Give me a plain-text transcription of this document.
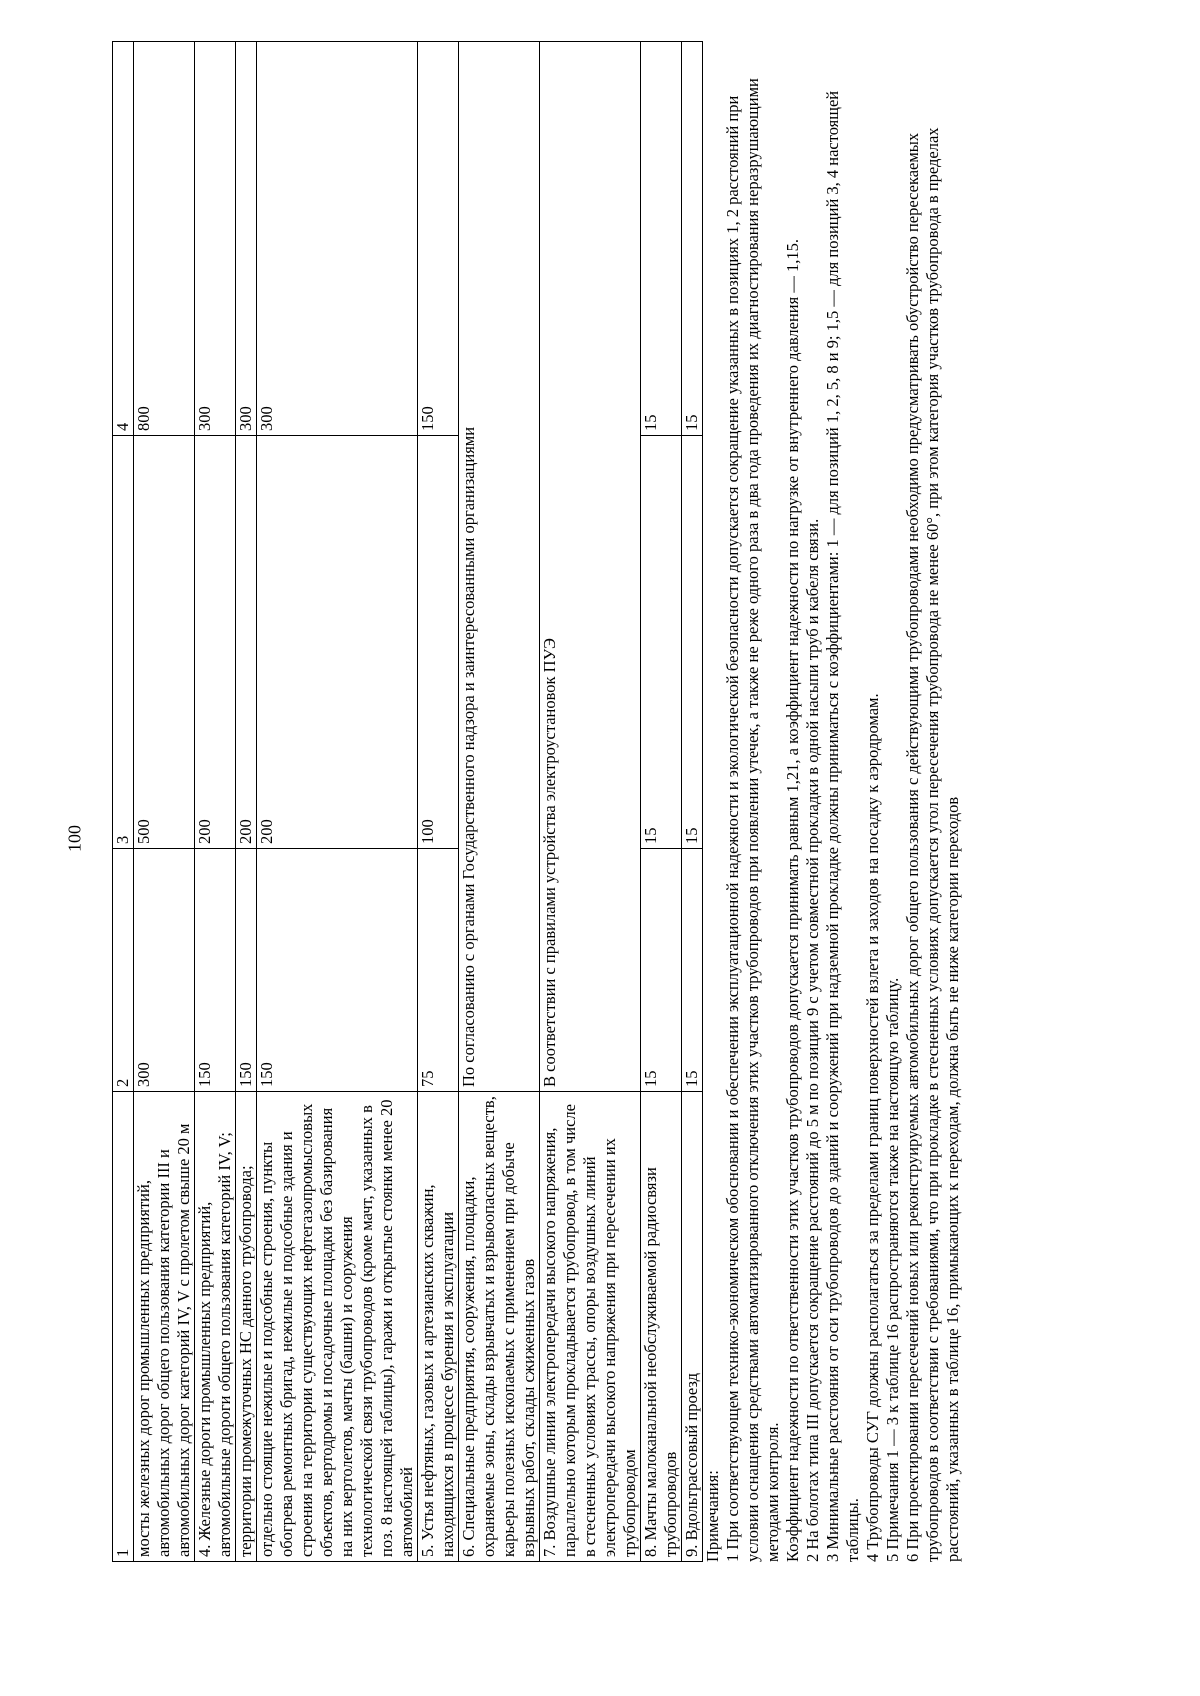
100
1	2	3	4
мосты железных дорог промышленных предприятий, автомобильных дорог общего пользования категории III и автомобильных дорог категорий IV, V с пролетом свыше 20 м	300	500	800
4. Железные дороги промышленных предприятий, автомобильные дороги общего пользования категорий IV, V;	150	200	300
территории промежуточных НС данного трубопровода;	150	200	300
отдельно стоящие нежилые и подсобные строения, пункты обогрева ремонтных бригад, нежилые и подсобные здания и строения на территории существующих нефтегазопромысловых объектов, вертодромы и посадочные площадки без базирования на них вертолетов, мачты (башни) и сооружения технологической связи трубопроводов (кроме мачт, указанных в поз. 8 настоящей таблицы), гаражи и открытые стоянки менее 20 автомобилей	150	200	300
5. Устья нефтяных, газовых и артезианских скважин, находящихся в процессе бурения и эксплуатации	75	100	150
6. Специальные предприятия, сооружения, площадки, охраняемые зоны, склады взрывчатых и взрывоопасных веществ, карьеры полезных ископаемых с применением при добыче взрывных работ, склады сжиженных газов	По согласованию с органами Государственного надзора и заинтересованными организациями		
7. Воздушные линии электропередачи высокого напряжения, параллельно которым прокладывается трубопровод, в том числе в стесненных условиях трассы, опоры воздушных линий электропередачи высокого напряжения при пересечении их трубопроводом	В соответствии с правилами устройства электроустановок ПУЭ		
8. Мачты малоканальной необслуживаемой радиосвязи трубопроводов	15	15	15
9. Вдольтрассовый проезд	15	15	15

Примечания: 1 При соответствующем технико-экономическом обосновании и обеспечении эксплуатационной надежности и экологической безопасности допускается сокращение указанных в позициях 1, 2 расстояний при условии оснащения средствами автоматизированного отключения этих участков трубопроводов при появлении утечек, а также не реже одного раза в два года проведения их диагностирования неразрушающими методами контроля. Коэффициент надежности по ответственности этих участков трубопроводов допускается принимать равным 1,21, а коэффициент надежности по нагрузке от внутреннего давления — 1,15. 2 На болотах типа III допускается сокращение расстояний до 5 м по позиции 9 с учетом совместной прокладки в одной насыпи труб и кабеля связи. 3 Минимальные расстояния от оси трубопроводов до зданий и сооружений при надземной прокладке должны приниматься с коэффициентами: 1 — для позиций 1, 2, 5, 8 и 9; 1,5 — для позиций 3, 4 настоящей таблицы. 4 Трубопроводы СУГ должны располагаться за пределами границ поверхностей взлета и заходов на посадку к аэродромам. 5 Примечания 1 — 3 к таблице 16 распространяются также на настоящую таблицу. 6 При проектировании пересечений новых или реконструируемых автомобильных дорог общего пользования с действующими трубопроводами необходимо предусматривать обустройство пересекаемых трубопроводов в соответствии с требованиями, что при прокладке в стесненных условиях допускается угол пересечения трубопровода не менее 60°, при этом категория участков трубопровода в пределах расстояний, указанных в таблице 16, примыкающих к переходам, должна быть не ниже категории переходов
